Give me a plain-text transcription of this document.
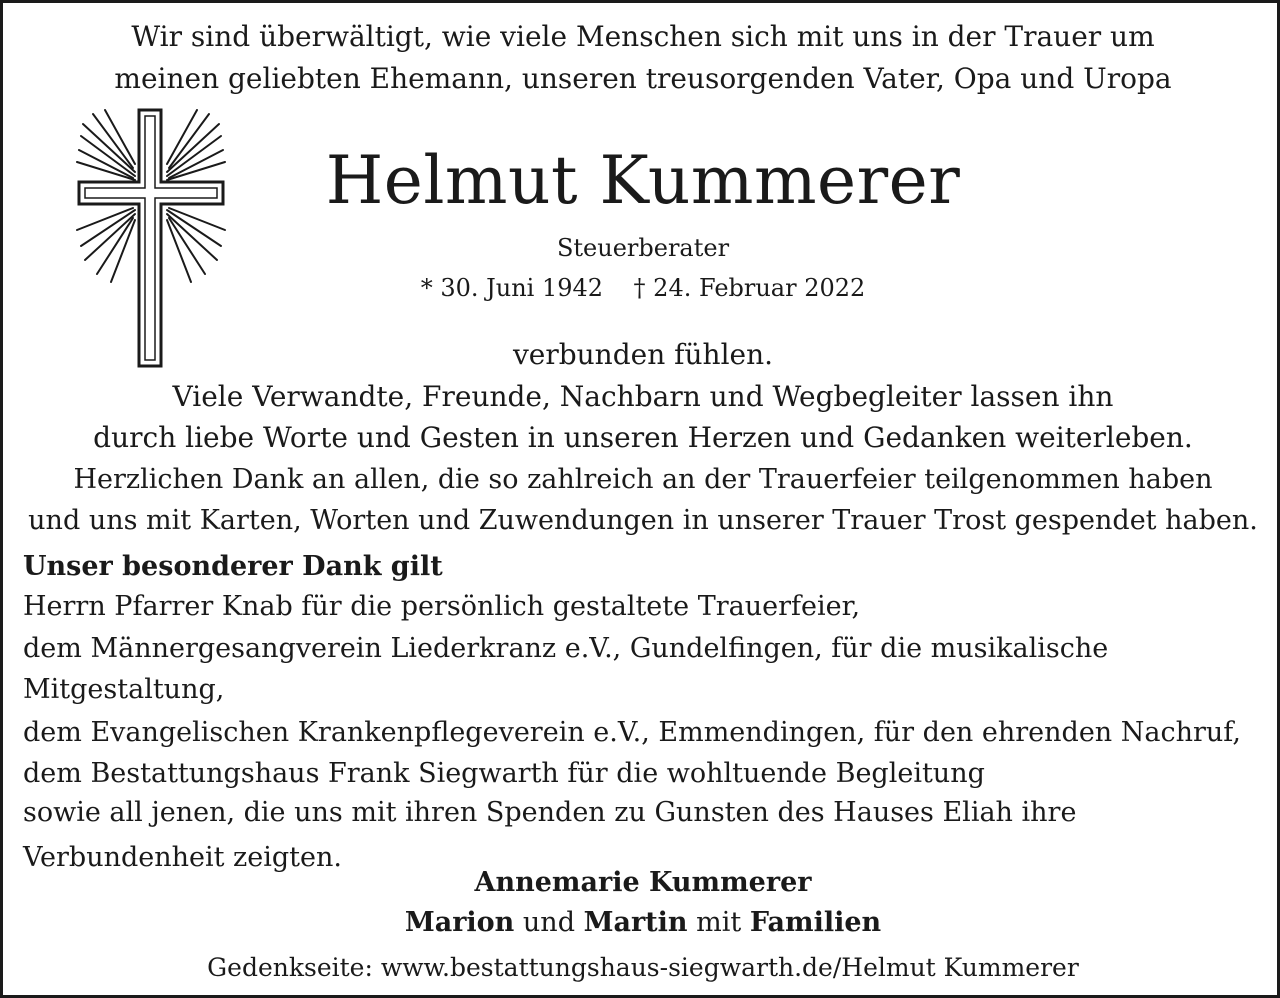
Wir sind überwältigt, wie viele Menschen sich mit uns in der Trauer um
meinen geliebten Ehemann, unseren treusorgenden Vater, Opa und Uropa
Helmut Kummerer
Steuerberater
* 30. Juni 1942 † 24. Februar 2022
verbunden fühlen.
Viele Verwandte, Freunde, Nachbarn und Wegbegleiter lassen ihn
durch liebe Worte und Gesten in unseren Herzen und Gedanken weiterleben.
Herzlichen Dank an allen, die so zahlreich an der Trauerfeier teilgenommen haben
und uns mit Karten, Worten und Zuwendungen in unserer Trauer Trost gespendet haben.
Unser besonderer Dank gilt
Herrn Pfarrer Knab für die persönlich gestaltete Trauerfeier,
dem Männergesangverein Liederkranz e.V., Gundelfingen, für die musikalische
Mitgestaltung,
dem Evangelischen Krankenpflegeverein e.V., Emmendingen, für den ehrenden Nachruf,
dem Bestattungshaus Frank Siegwarth für die wohltuende Begleitung
sowie all jenen, die uns mit ihren Spenden zu Gunsten des Hauses Eliah ihre
Verbundenheit zeigten.
Annemarie Kummerer
Marion und Martin mit Familien
Gedenkseite: www.bestattungshaus-siegwarth.de/Helmut Kummerer
